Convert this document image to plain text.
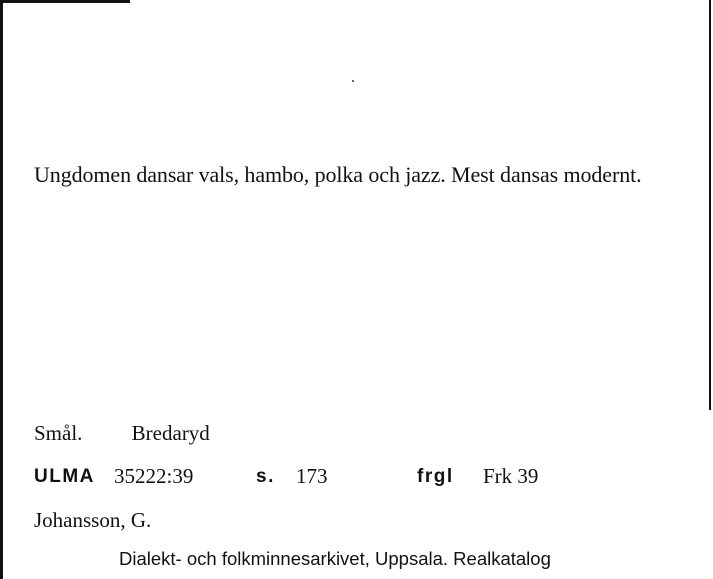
Ungdomen dansar vals, hambo, polka och jazz. Mest dansas modernt.
Smål. Bredaryd
ULMA 35222:39	s. 173	frgl Frk 39
Johansson, G.
Dialekt- och folkminnesarkivet, Uppsala. Realkatalog
